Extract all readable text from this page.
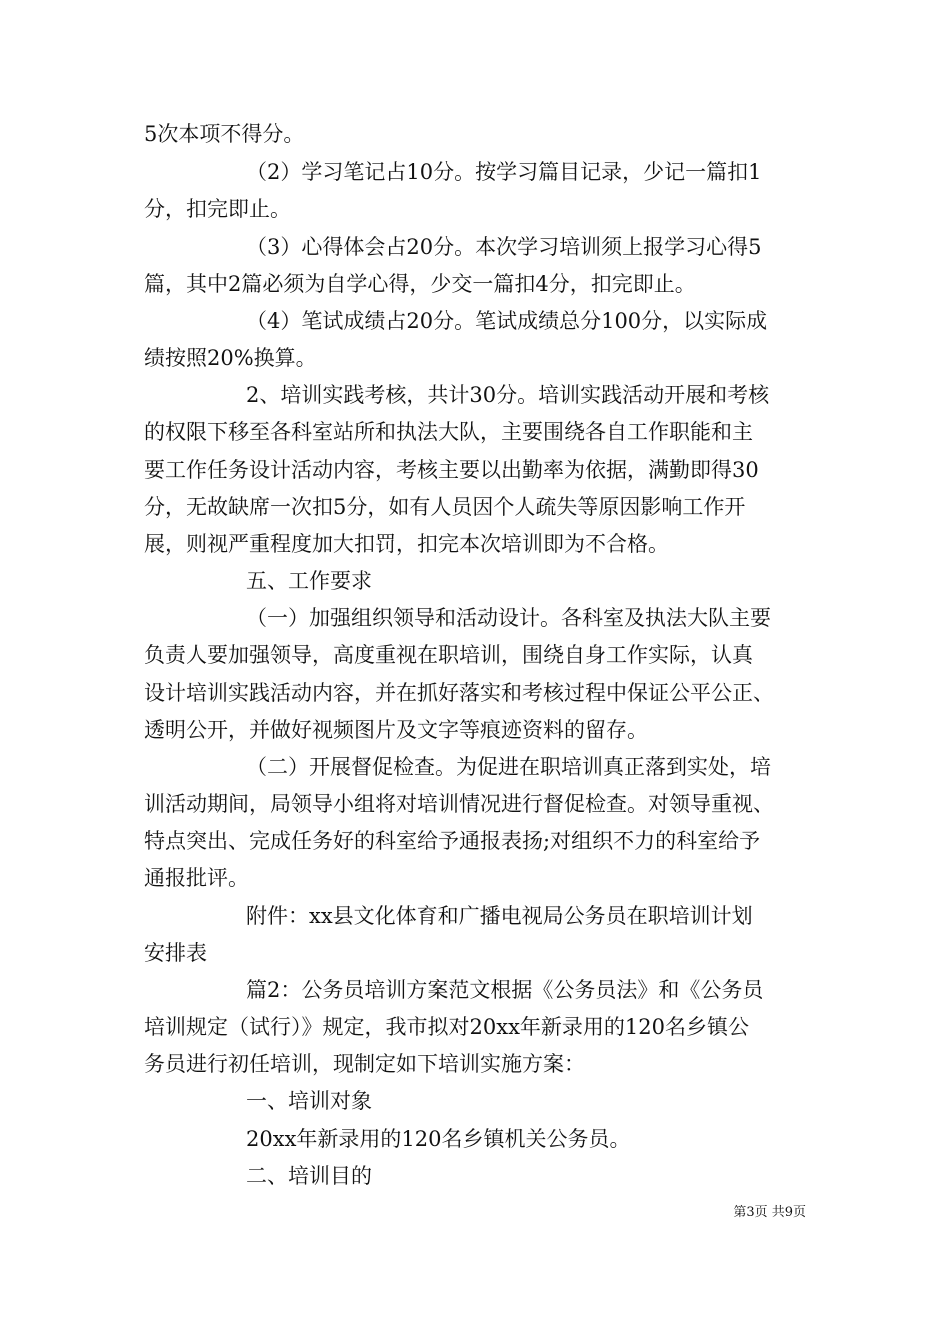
5次本项不得分。
（2）学习笔记占10分。按学习篇目记录，少记一篇扣1
分，扣完即止。
（3）心得体会占20分。本次学习培训须上报学习心得5
篇，其中2篇必须为自学心得，少交一篇扣4分，扣完即止。
（4）笔试成绩占20分。笔试成绩总分100分，以实际成
绩按照20%换算。
2、培训实践考核，共计30分。培训实践活动开展和考核
的权限下移至各科室站所和执法大队，主要围绕各自工作职能和主
要工作任务设计活动内容，考核主要以出勤率为依据，满勤即得30
分，无故缺席一次扣5分，如有人员因个人疏失等原因影响工作开
展，则视严重程度加大扣罚，扣完本次培训即为不合格。
五、工作要求
（一）加强组织领导和活动设计。各科室及执法大队主要
负责人要加强领导，高度重视在职培训，围绕自身工作实际，认真
设计培训实践活动内容，并在抓好落实和考核过程中保证公平公正、
透明公开，并做好视频图片及文字等痕迹资料的留存。
（二）开展督促检查。为促进在职培训真正落到实处，培
训活动期间，局领导小组将对培训情况进行督促检查。对领导重视、
特点突出、完成任务好的科室给予通报表扬;对组织不力的科室给予
通报批评。
附件：xx县文化体育和广播电视局公务员在职培训计划
安排表
篇2：公务员培训方案范文根据《公务员法》和《公务员
培训规定（试行）》规定，我市拟对20xx年新录用的120名乡镇公
务员进行初任培训，现制定如下培训实施方案：
一、培训对象
20xx年新录用的120名乡镇机关公务员。
二、培训目的
第3页 共9页
